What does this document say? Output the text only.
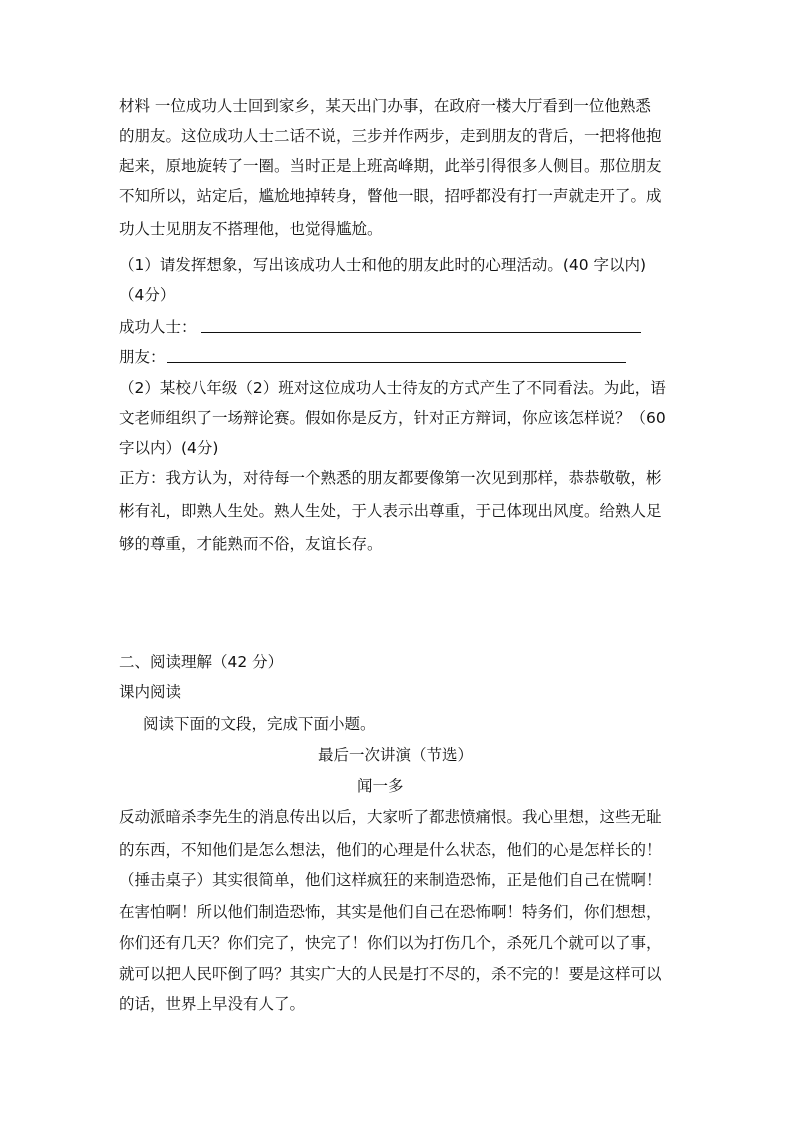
材料 一位成功人士回到家乡，某天出门办事，在政府一楼大厅看到一位他熟悉
的朋友。这位成功人士二话不说，三步并作两步，走到朋友的背后，一把将他抱
起来，原地旋转了一圈。当时正是上班高峰期，此举引得很多人侧目。那位朋友
不知所以，站定后，尴尬地掉转身，瞥他一眼，招呼都没有打一声就走开了。成
功人士见朋友不搭理他，也觉得尴尬。
（1）请发挥想象，写出该成功人士和他的朋友此时的心理活动。(40 字以内)
（4分）
成功人士：
朋友：
（2）某校八年级（2）班对这位成功人士待友的方式产生了不同看法。为此，语
文老师组织了一场辩论赛。假如你是反方，针对正方辩词，你应该怎样说？（60
字以内）(4分)
正方：我方认为，对待每一个熟悉的朋友都要像第一次见到那样，恭恭敬敬，彬
彬有礼，即熟人生处。熟人生处，于人表示出尊重，于己体现出风度。给熟人足
够的尊重，才能熟而不俗，友谊长存。
二、阅读理解（42 分）
课内阅读
阅读下面的文段，完成下面小题。
最后一次讲演（节选）
闻一多
反动派暗杀李先生的消息传出以后，大家听了都悲愤痛恨。我心里想，这些无耻
的东西，不知他们是怎么想法，他们的心理是什么状态，他们的心是怎样长的！
（捶击桌子）其实很简单，他们这样疯狂的来制造恐怖，正是他们自己在慌啊！
在害怕啊！所以他们制造恐怖，其实是他们自己在恐怖啊！特务们，你们想想，
你们还有几天？你们完了，快完了！你们以为打伤几个，杀死几个就可以了事，
就可以把人民吓倒了吗？其实广大的人民是打不尽的，杀不完的！要是这样可以
的话，世界上早没有人了。
